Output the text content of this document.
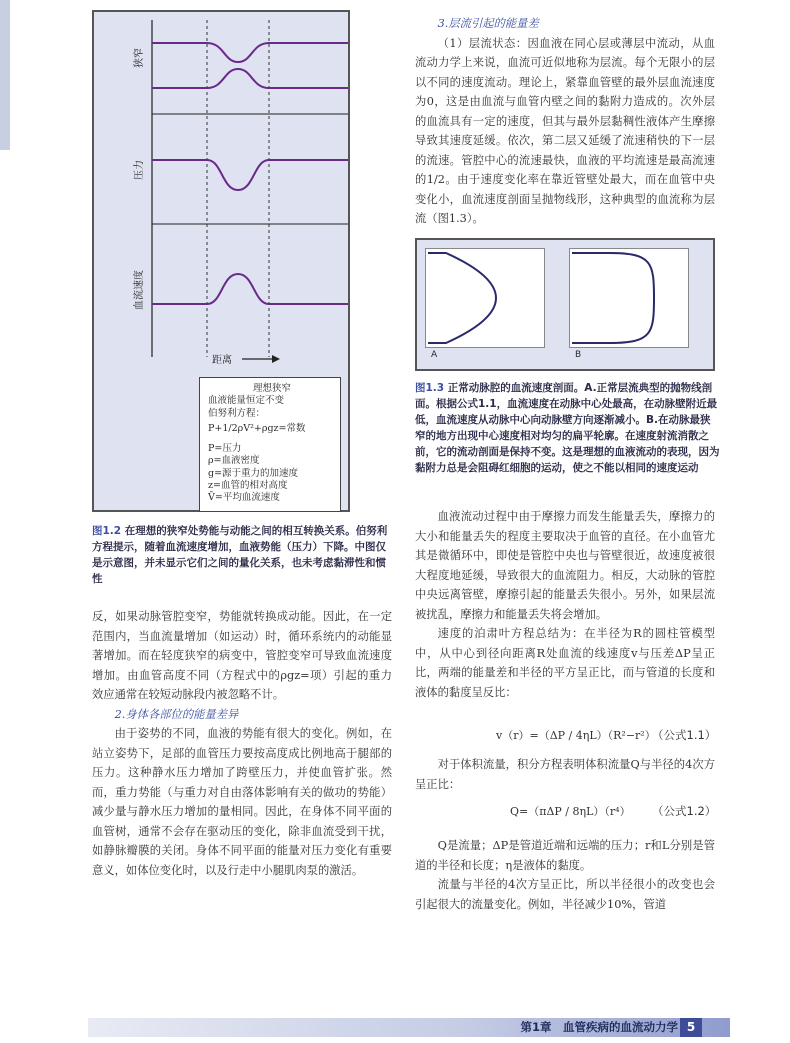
狭窄
压力
血流速度
距离
理想狭窄
血液能量恒定不变
伯努利方程：
P+1/2ρV²+ρgz=常数
P=压力
ρ=血液密度
g=源于重力的加速度
z=血管的相对高度
V̄=平均血流速度
图1.2 在理想的狭窄处势能与动能之间的相互转换关系。伯努利方程提示，随着血流速度增加，血液势能（压力）下降。中图仅是示意图，并未显示它们之间的量化关系，也未考虑黏滞性和惯性

反，如果动脉管腔变窄，势能就转换成动能。因此，在一定范围内，当血流量增加（如运动）时，循环系统内的动能显著增加。而在轻度狭窄的病变中，管腔变窄可导致血流速度增加。由血管高度不同（方程式中的ρgz=项）引起的重力效应通常在较短动脉段内被忽略不计。

2.身体各部位的能量差异

由于姿势的不同，血液的势能有很大的变化。例如，在站立姿势下，足部的血管压力要按高度成比例地高于腿部的压力。这种静水压力增加了跨壁压力，并使血管扩张。然而，重力势能（与重力对自由落体影响有关的做功的势能）减少量与静水压力增加的量相同。因此，在身体不同平面的血管树，通常不会存在驱动压的变化，除非血流受到干扰，如静脉瓣膜的关闭。身体不同平面的能量对压力变化有重要意义，如体位变化时，以及行走中小腿肌肉泵的激活。

3.层流引起的能量差

（1）层流状态：因血液在同心层或薄层中流动，从血流动力学上来说，血流可近似地称为层流。每个无限小的层以不同的速度流动。理论上，紧靠血管壁的最外层血流速度为0，这是由血流与血管内壁之间的黏附力造成的。次外层的血流具有一定的速度，但其与最外层黏稠性液体产生摩擦导致其速度延缓。依次，第二层又延缓了流速稍快的下一层的流速。管腔中心的流速最快，血液的平均流速是最高流速的1/2。由于速度变化率在靠近管壁处最大，而在血管中央变化小，血流速度剖面呈抛物线形，这种典型的血流称为层流（图1.3）。

A	B
图1.3 正常动脉腔的血流速度剖面。A.正常层流典型的抛物线剖面。根据公式1.1，血流速度在动脉中心处最高，在动脉壁附近最低，血流速度从动脉中心向动脉壁方向逐渐减小。B.在动脉最狭窄的地方出现中心速度相对均匀的扁平轮廓。在速度射流消散之前，它的流动剖面是保持不变。这是理想的血液流动的表现，因为黏附力总是会阻碍红细胞的运动，使之不能以相同的速度运动

血液流动过程中由于摩擦力而发生能量丢失，摩擦力的大小和能量丢失的程度主要取决于血管的直径。在小血管尤其是微循环中，即使是管腔中央也与管壁很近，故速度被很大程度地延缓，导致很大的血流阻力。相反，大动脉的管腔中央远离管壁，摩擦引起的能量丢失很小。另外，如果层流被扰乱，摩擦力和能量丢失将会增加。

速度的泊肃叶方程总结为：在半径为R的圆柱管模型中，从中心到径向距离R处血流的线速度v与压差ΔP呈正比，两端的能量差和半径的平方呈正比，而与管道的长度和液体的黏度呈反比：

v（r）=（ΔP / 4ηL）（R²−r²）
（公式1.1）

对于体积流量，积分方程表明体积流量Q与半径的4次方呈正比：

Q=（πΔP / 8ηL）（r⁴） （公式1.2）

Q是流量；ΔP是管道近端和远端的压力；r和L分别是管道的半径和长度；η是液体的黏度。

流量与半径的4次方呈正比，所以半径很小的改变也会引起很大的流量变化。例如，半径减少10%，管道

第1章　血管疾病的血流动力学 5
